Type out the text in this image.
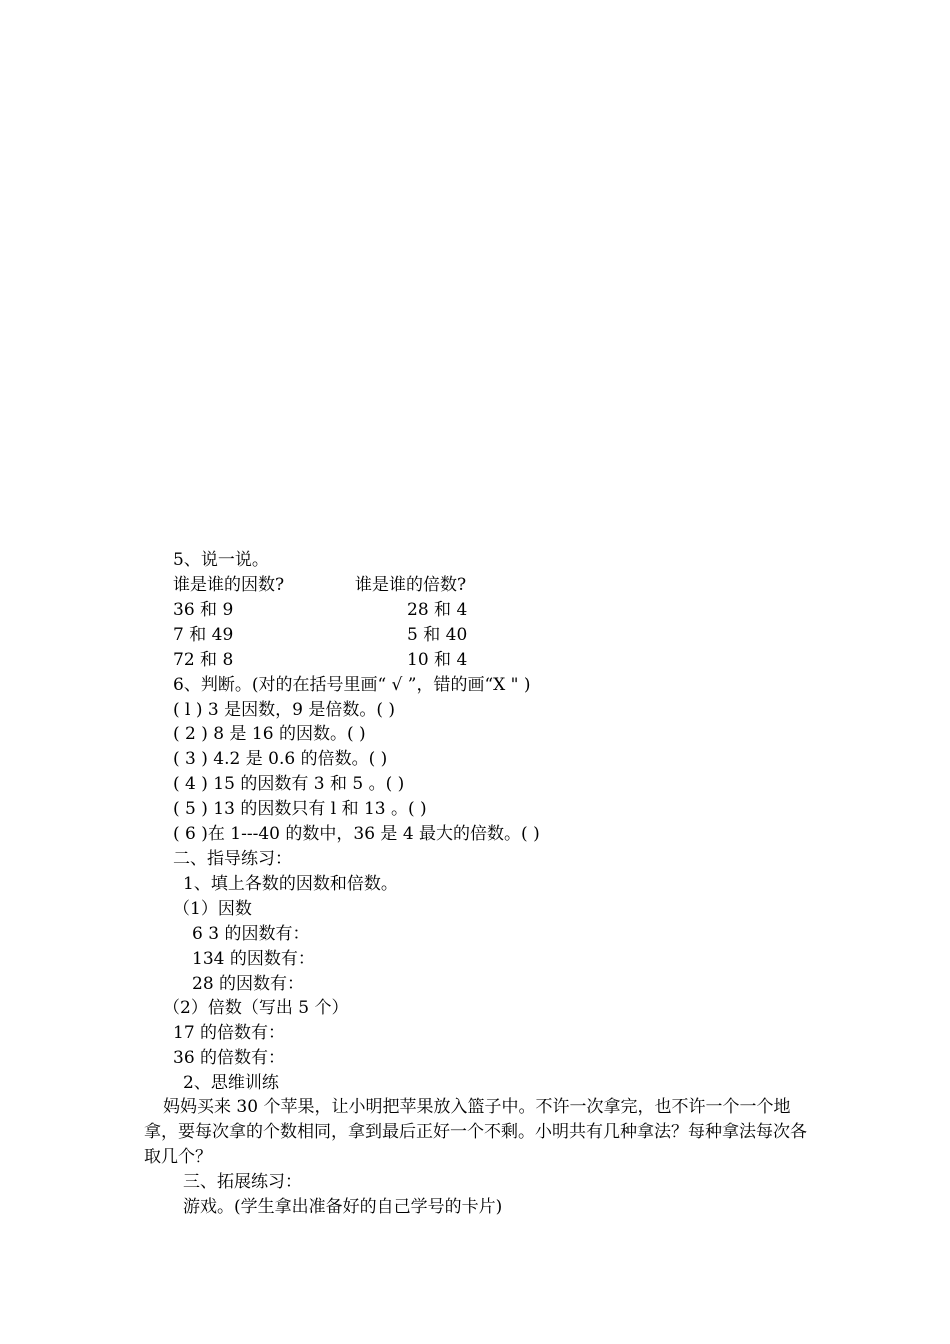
5、说一说。
谁是谁的因数?	谁是谁的倍数?
36 和 9	28 和 4
7 和 49	5 和 40
72 和 8	10 和 4
6、判断。(对的在括号里画“ √ ”，错的画“X " )
( l ) 3 是因数，9 是倍数。( )
( 2 ) 8 是 16 的因数。( )
( 3 ) 4.2 是 0.6 的倍数。( )
( 4 ) 15 的因数有 3 和 5 。( )
( 5 ) 13 的因数只有 l 和 13 。( )
( 6 )在 1---40 的数中，36 是 4 最大的倍数。( )
二、指导练习：
1、填上各数的因数和倍数。
（1）因数
6 3 的因数有：
134 的因数有：
28 的因数有：
（2）倍数（写出 5 个）
17 的倍数有：
36 的倍数有：
2、思维训练
妈妈买来 30 个苹果，让小明把苹果放入篮子中。不许一次拿完，也不许一个一个地拿，要每次拿的个数相同，拿到最后正好一个不剩。小明共有几种拿法？每种拿法每次各取几个？
三、拓展练习：
游戏。(学生拿出准备好的自己学号的卡片)
